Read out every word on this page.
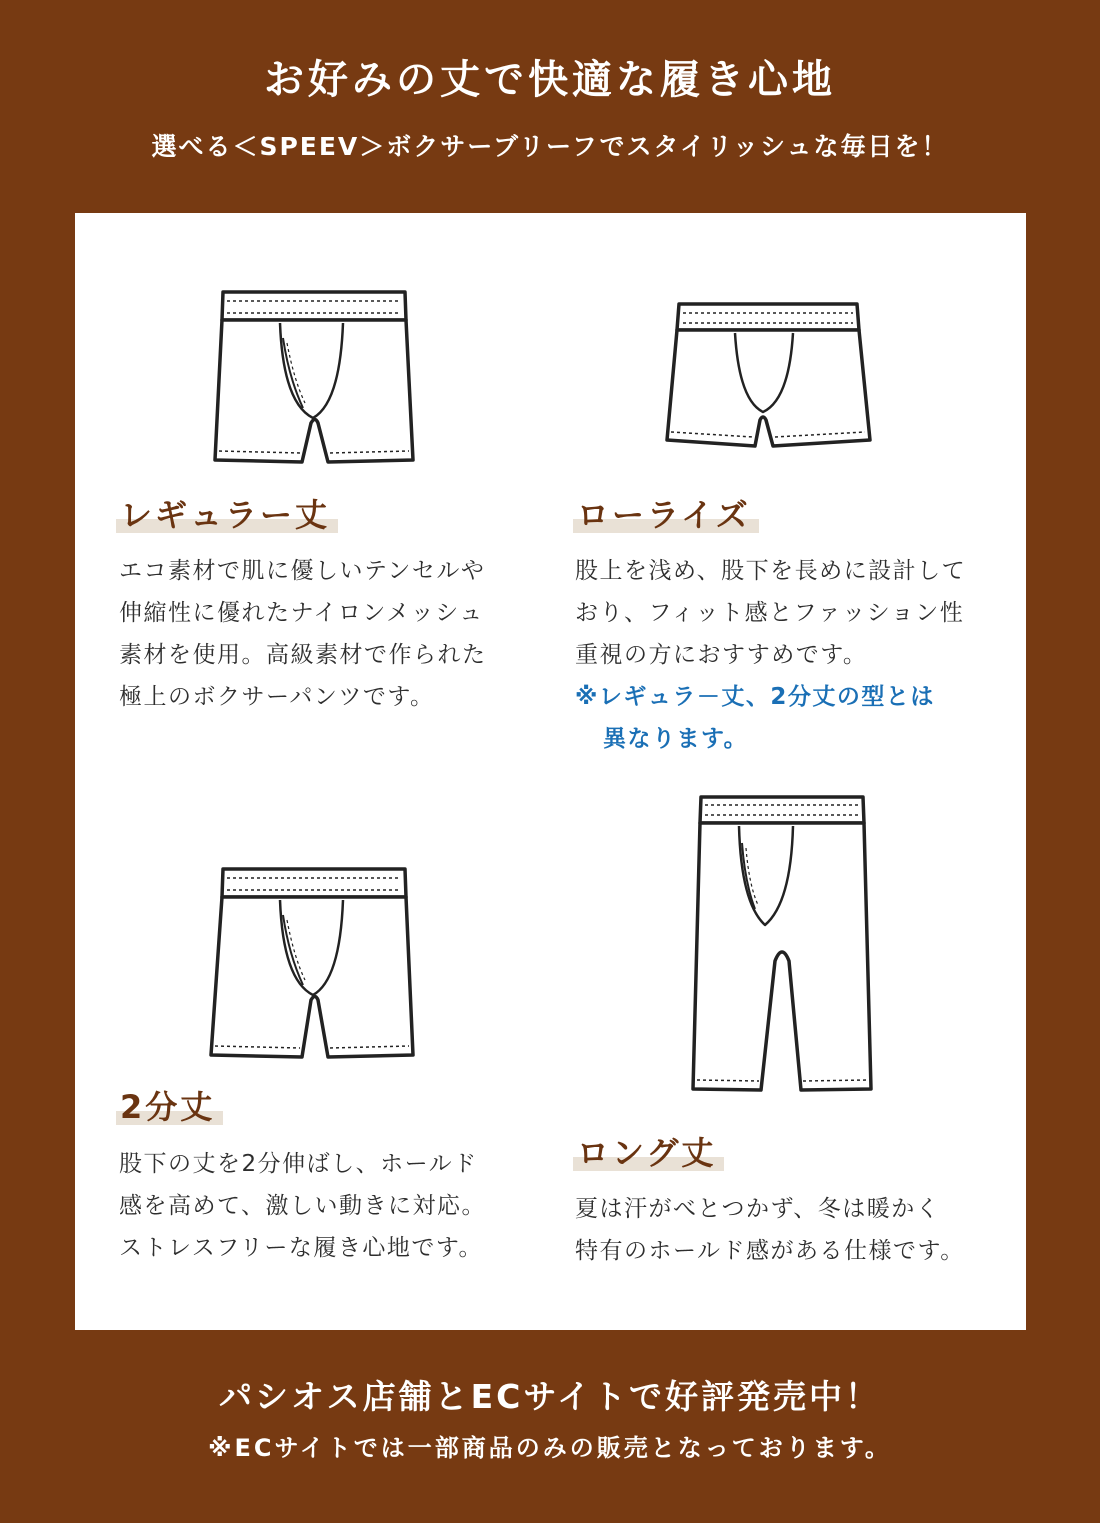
お好みの丈で快適な履き心地
選べる＜SPEEV＞ボクサーブリーフでスタイリッシュな毎日を！
レギュラー丈
エコ素材で肌に優しいテンセルや
伸縮性に優れたナイロンメッシュ
素材を使用。高級素材で作られた
極上のボクサーパンツです。
ローライズ
股上を浅め、股下を長めに設計して
おり、フィット感とファッション性
重視の方におすすめです。
※レギュラ－丈、2分丈の型とは
異なります。
2分丈
股下の丈を2分伸ばし、ホールド
感を高めて、激しい動きに対応。
ストレスフリーな履き心地です。
ロング丈
夏は汗がべとつかず、冬は暖かく
特有のホールド感がある仕様です。
パシオス店舗とECサイトで好評発売中！
※ECサイトでは一部商品のみの販売となっております。
